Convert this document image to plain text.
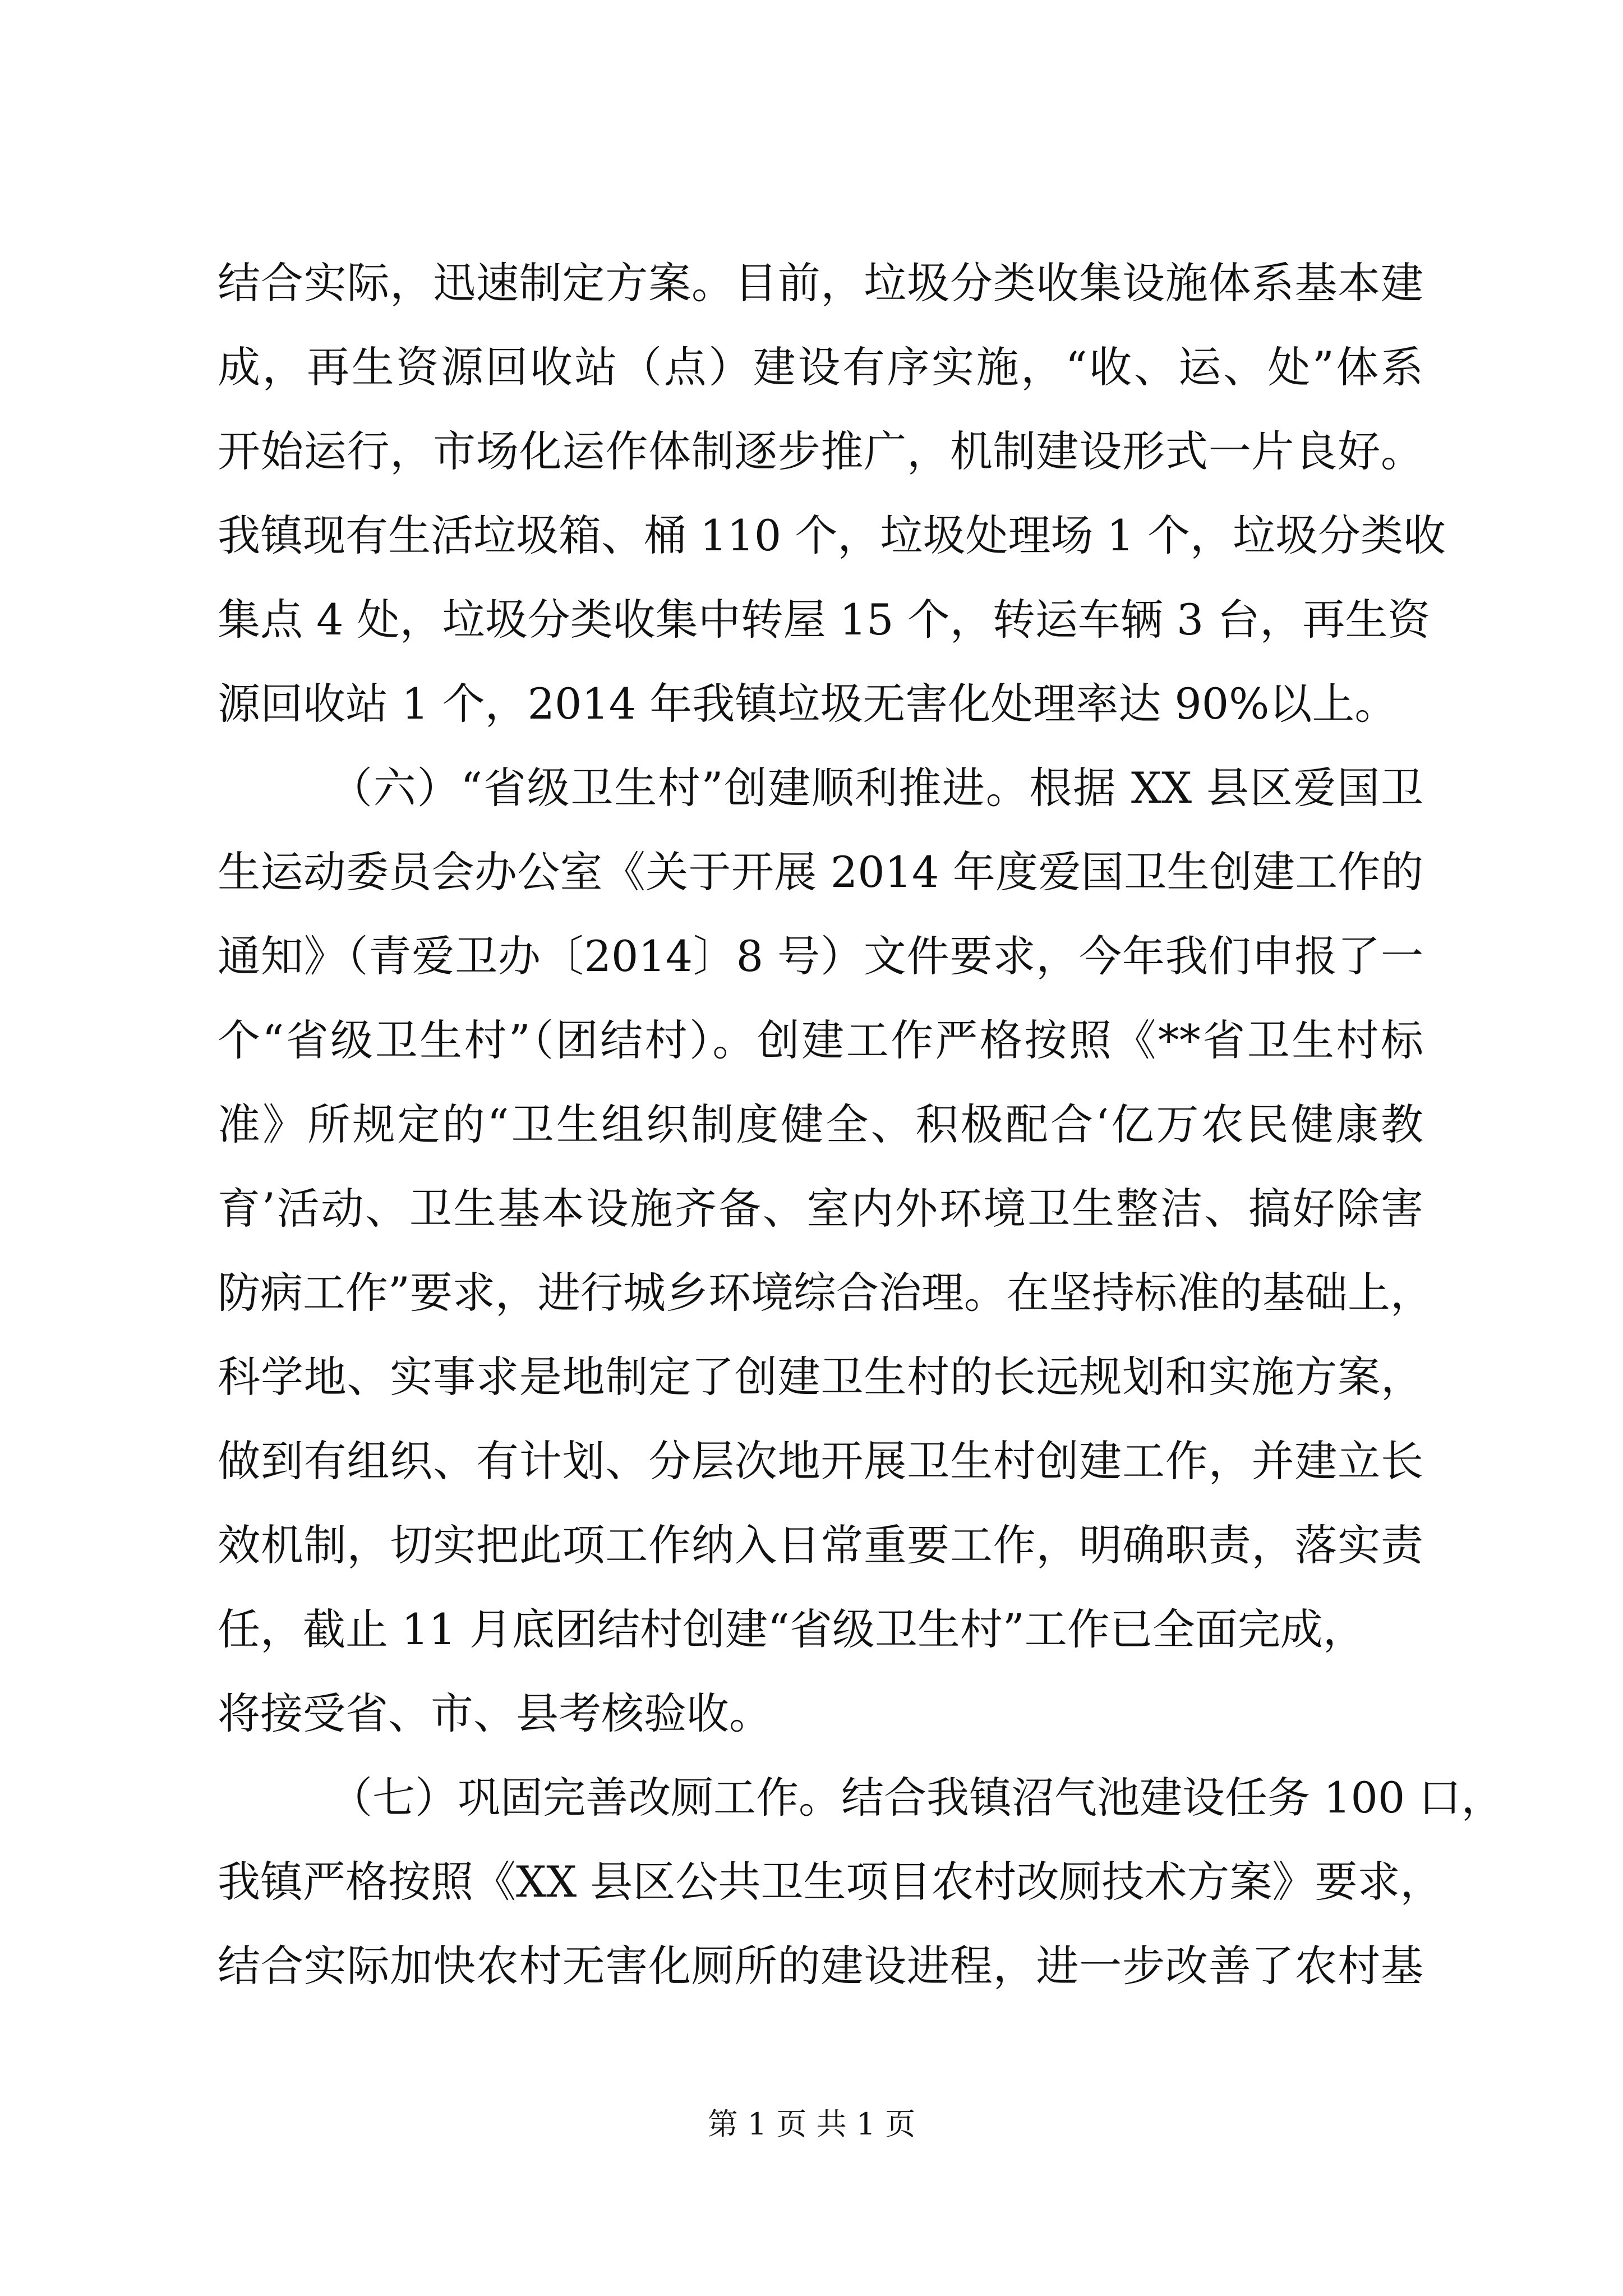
结合实际，迅速制定方案。目前，垃圾分类收集设施体系基本建
成，再生资源回收站（点）建设有序实施，“收、运、处”体系
开始运行，市场化运作体制逐步推广，机制建设形式一片良好。
我镇现有生活垃圾箱、桶 110 个，垃圾处理场 1 个，垃圾分类收
集点 4 处，垃圾分类收集中转屋 15 个，转运车辆 3 台，再生资
源回收站 1 个，2014 年我镇垃圾无害化处理率达 90%以上。
（六）“省级卫生村”创建顺利推进。根据 XX 县区爱国卫
生运动委员会办公室《关于开展 2014 年度爱国卫生创建工作的
通知》（青爱卫办〔2014〕8 号）文件要求，今年我们申报了一
个“省级卫生村”（团结村）。创建工作严格按照《**省卫生村标
准》所规定的“卫生组织制度健全、积极配合‘亿万农民健康教
育’活动、卫生基本设施齐备、室内外环境卫生整洁、搞好除害
防病工作”要求，进行城乡环境综合治理。在坚持标准的基础上，
科学地、实事求是地制定了创建卫生村的长远规划和实施方案，
做到有组织、有计划、分层次地开展卫生村创建工作，并建立长
效机制，切实把此项工作纳入日常重要工作，明确职责，落实责
任，截止 11 月底团结村创建“省级卫生村”工作已全面完成，
将接受省、市、县考核验收。
（七）巩固完善改厕工作。结合我镇沼气池建设任务 100 口，
我镇严格按照《XX 县区公共卫生项目农村改厕技术方案》要求，
结合实际加快农村无害化厕所的建设进程，进一步改善了农村基
第 1 页 共 1 页
